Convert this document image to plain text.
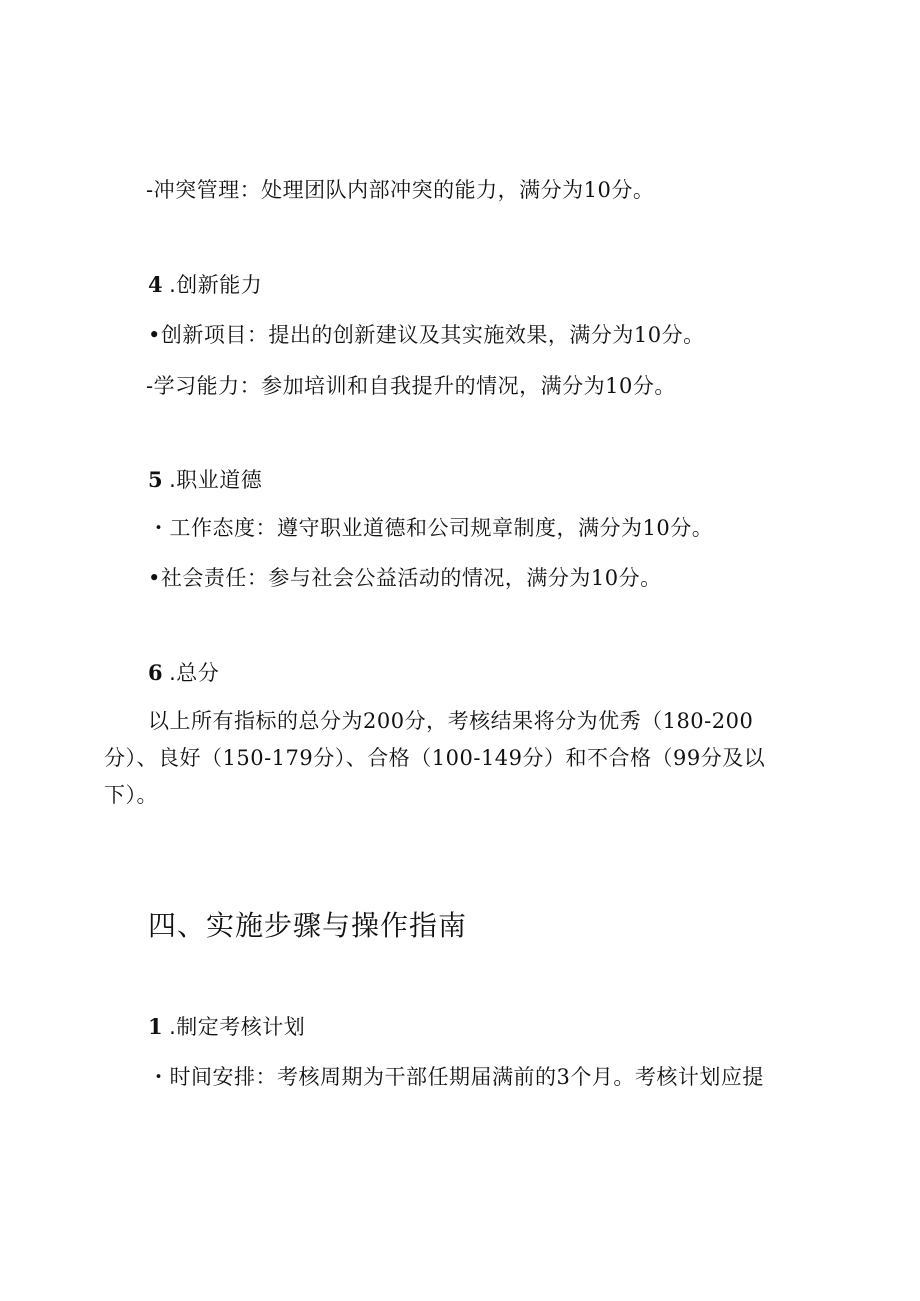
-冲突管理：处理团队内部冲突的能力，满分为10分。
4 .创新能力
•创新项目：提出的创新建议及其实施效果，满分为10分。
-学习能力：参加培训和自我提升的情况，满分为10分。
5 .职业道德
・工作态度：遵守职业道德和公司规章制度，满分为10分。
•社会责任：参与社会公益活动的情况，满分为10分。
6 .总分
以上所有指标的总分为200分，考核结果将分为优秀（180-200分）、良好（150-179分）、合格（100-149分）和不合格（99分及以下）。
四、实施步骤与操作指南
1 .制定考核计划
・时间安排：考核周期为干部任期届满前的3个月。考核计划应提
